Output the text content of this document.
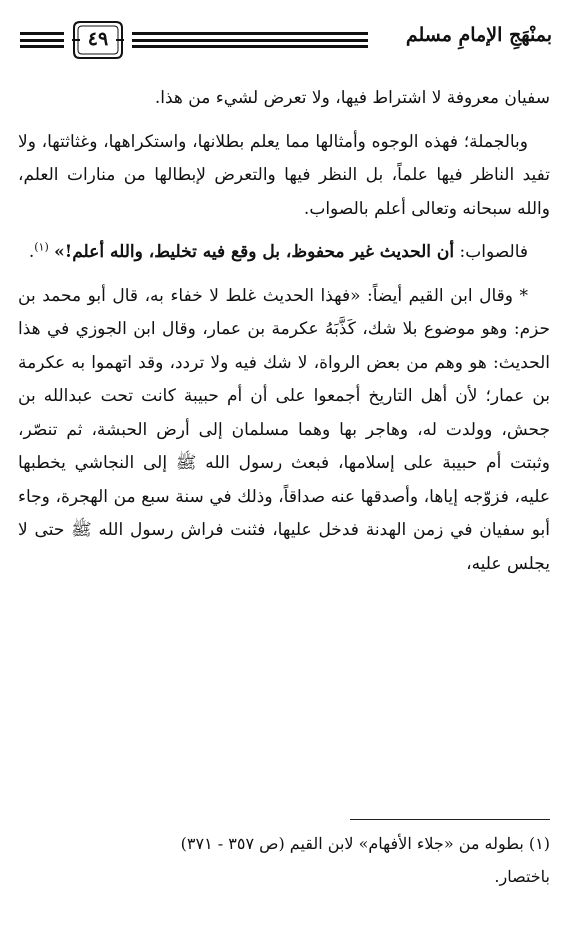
٤٩	بمنْهَجِ الإمامِ مسلم

سفيان معروفة لا اشتراط فيها، ولا تعرض لشيء من هذا.

وبالجملة؛ فهذه الوجوه وأمثالها مما يعلم بطلانها، واستكراهها، وغثاثتها، ولا تفيد الناظر فيها علماً، بل النظر فيها والتعرض لإبطالها من منارات العلم، والله سبحانه وتعالى أعلم بالصواب.

فالصواب: أن الحديث غير محفوظ، بل وقع فيه تخليط، والله أعلم!» $^{(١)}$.

* وقال ابن القيم أيضاً: «فهذا الحديث غلط لا خفاء به، قال أبو محمد بن حزم: وهو موضوع بلا شك، كَذَّبَهُ عكرمة بن عمار، وقال ابن الجوزي في هذا الحديث: هو وهم من بعض الرواة، لا شك فيه ولا تردد، وقد اتهموا به عكرمة بن عمار؛ لأن أهل التاريخ أجمعوا على أن أم حبيبة كانت تحت عبدالله بن جحش، وولدت له، وهاجر بها وهما مسلمان إلى أرض الحبشة، ثم تنصّر، وثبتت أم حبيبة على إسلامها، فبعث رسول الله ﷺ إلى النجاشي يخطبها عليه، فزوّجه إياها، وأصدقها عنه صداقاً، وذلك في سنة سبع من الهجرة، وجاء أبو سفيان في زمن الهدنة فدخل عليها، فثنت فراش رسول الله ﷺ حتى لا يجلس عليه،

(١) بطوله من «جلاء الأفهام» لابن القيم (ص ٣٥٧ - ٣٧١)

باختصار.
